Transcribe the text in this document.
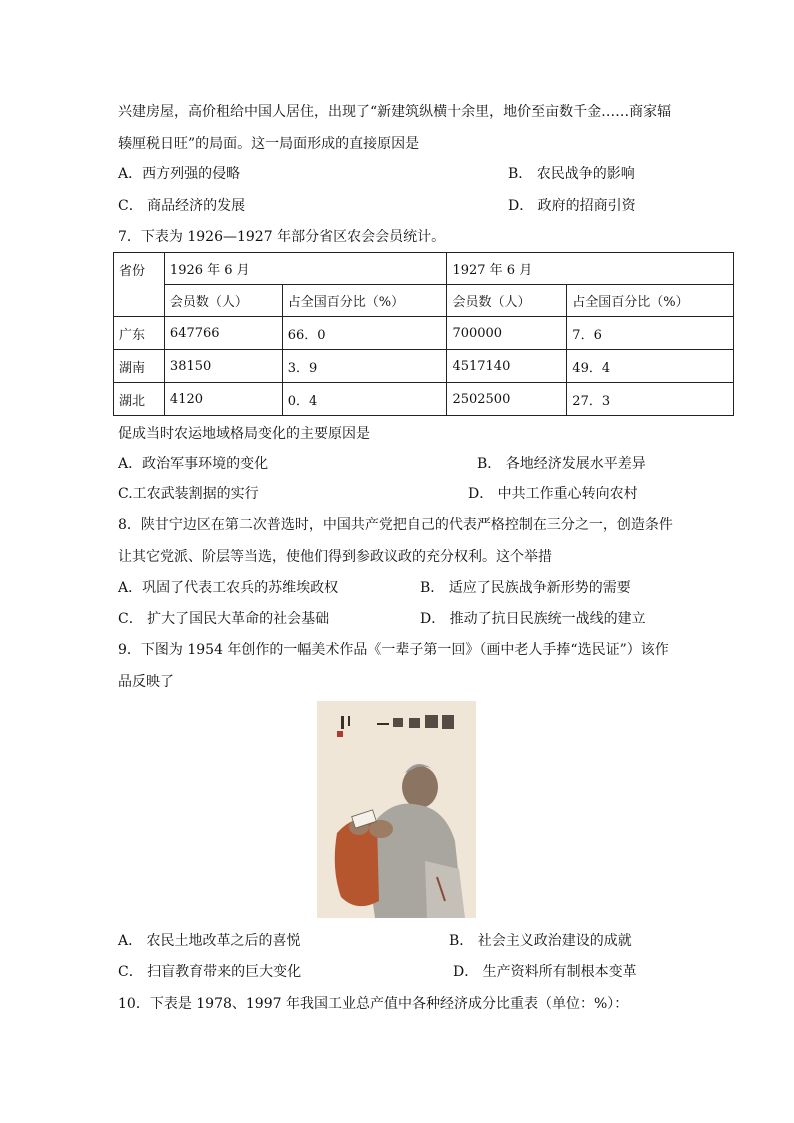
兴建房屋，高价租给中国人居住，出现了“新建筑纵横十余里，地价至亩数千金……商家辐
辏厘税日旺”的局面。这一局面形成的直接原因是
A．西方列强的侵略	B． 农民战争的影响
C． 商品经济的发展	D． 政府的招商引资
7．下表为 1926—1927 年部分省区农会会员统计。
省份	1926 年 6 月		1927 年 6 月	
	会员数（人）	占全国百分比（%）	会员数（人）	占全国百分比（%）
广东	647766	66．0	700000	7．6
湖南	38150	3．9	4517140	49．4
湖北	4120	0．4	2502500	27．3
促成当时农运地域格局变化的主要原因是
A．政治军事环境的变化	B． 各地经济发展水平差异
C.工农武装割据的实行	D． 中共工作重心转向农村
8．陕甘宁边区在第二次普选时，中国共产党把自己的代表严格控制在三分之一，创造条件
让其它党派、阶层等当选，使他们得到参政议政的充分权利。这个举措
A．巩固了代表工农兵的苏维埃政权	B． 适应了民族战争新形势的需要
C． 扩大了国民大革命的社会基础	D． 推动了抗日民族统一战线的建立
9．下图为 1954 年创作的一幅美术作品《一辈子第一回》（画中老人手捧“选民证”）该作
品反映了
A． 农民土地改革之后的喜悦	B． 社会主义政治建设的成就
C． 扫盲教育带来的巨大变化	D． 生产资料所有制根本变革
10．下表是 1978、1997 年我国工业总产值中各种经济成分比重表（单位：%）：
